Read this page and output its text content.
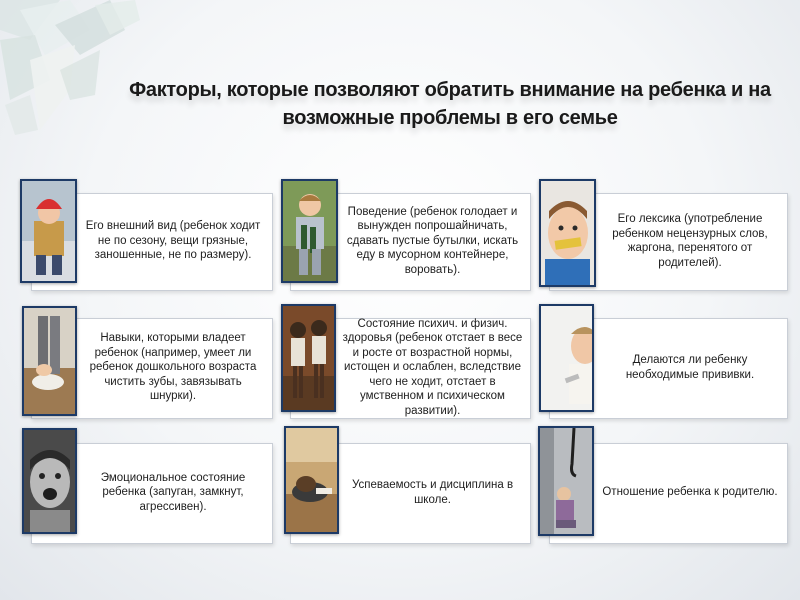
Факторы, которые позволяют обратить внимание на ребенка и на возможные проблемы в его семье
Его внешний вид (ребенок ходит не по сезону, вещи грязные, заношенные, не по размеру).
Поведение (ребенок голодает и вынужден попрошайничать, сдавать пустые бутылки, искать еду в мусорном контейнере, воровать).
Его лексика (употребление ребенком нецензурных слов, жаргона, перенятого от родителей).
Навыки, которыми владеет ребенок (например, умеет ли ребенок дошкольного возраста чистить зубы, завязывать шнурки).
Состояние психич. и физич. здоровья (ребенок отстает в весе и росте от возрастной нормы, истощен и ослаблен, вследствие чего не ходит, отстает в умственном и психическом развитии).
Делаются ли ребенку необходимые прививки.
Эмоциональное состояние ребенка (запуган, замкнут, агрессивен).
Успеваемость и дисциплина в школе.
Отношение ребенка к родителю.
